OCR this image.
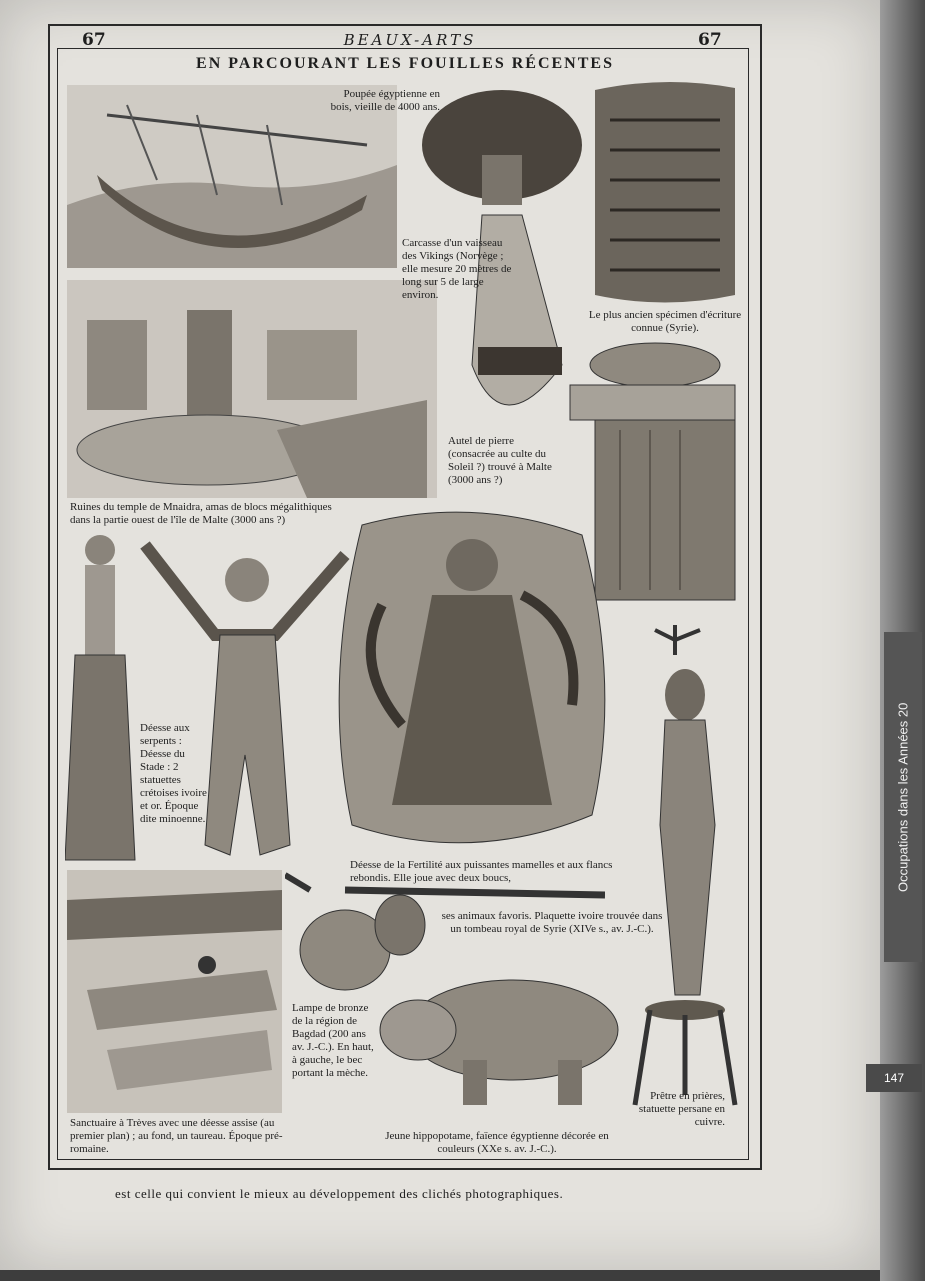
67	BEAUX-ARTS	67
EN PARCOURANT LES FOUILLES RÉCENTES
Poupée égyptienne en bois, vieille de 4000 ans.
Carcasse d'un vaisseau des Vikings (Norvège ; elle mesure 20 mètres de long sur 5 de large environ.
Le plus ancien spécimen d'écriture connue (Syrie).
Autel de pierre (consacrée au culte du Soleil ?) trouvé à Malte (3000 ans ?)
Ruines du temple de Mnaidra, amas de blocs mégalithiques dans la partie ouest de l'île de Malte (3000 ans ?)
Déesse aux serpents : Déesse du Stade : 2 statuettes crétoises ivoire et or. Époque dite minoenne.
Déesse de la Fertilité aux puissantes mamelles et aux flancs rebondis. Elle joue avec deux boucs,
ses animaux favoris. Plaquette ivoire trouvée dans un tombeau royal de Syrie (XIVe s., av. J.-C.).
Lampe de bronze de la région de Bagdad (200 ans av. J.-C.). En haut, à gauche, le bec portant la mèche.
Sanctuaire à Trèves avec une déesse assise (au premier plan) ; au fond, un taureau. Époque pré-romaine.
Jeune hippopotame, faïence égyptienne décorée en couleurs (XXe s. av. J.-C.).
Prêtre en prières, statuette persane en cuivre.
est celle qui convient le mieux au développement des clichés photographiques.
Occupations dans les Années 20
147
